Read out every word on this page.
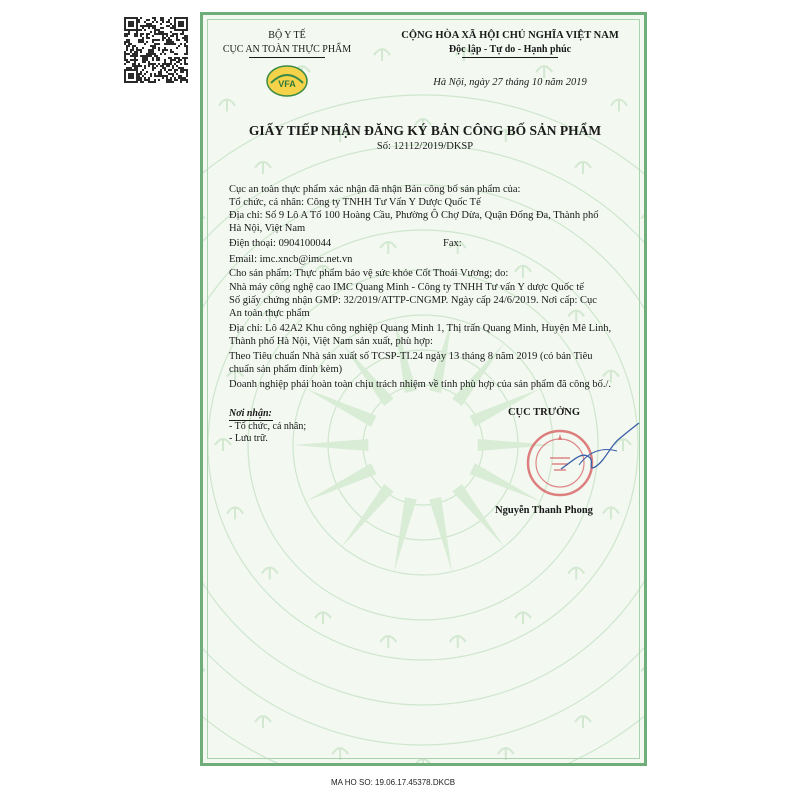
BỘ Y TẾ
CỤC AN TOÀN THỰC PHẨM
VFA
CỘNG HÒA XÃ HỘI CHỦ NGHĨA VIỆT NAM
Độc lập - Tự do - Hạnh phúc
Hà Nội, ngày 27 tháng 10 năm 2019
GIẤY TIẾP NHẬN ĐĂNG KÝ BẢN CÔNG BỐ SẢN PHẨM
Số: 12112/2019/DKSP
Cục an toàn thực phẩm xác nhận đã nhận Bản công bố sản phẩm của:
Tổ chức, cá nhân: Công ty TNHH Tư Vấn Y Dược Quốc Tế
Địa chỉ: Số 9 Lô A Tổ 100 Hoàng Cầu, Phường Ô Chợ Dừa, Quận Đống Đa, Thành phố
Hà Nội, Việt Nam
Điện thoại: 0904100044	Fax:
Email: imc.xncb@imc.net.vn
Cho sản phẩm: Thực phẩm bảo vệ sức khỏe Cốt Thoái Vương; do:
Nhà máy công nghệ cao IMC Quang Minh - Công ty TNHH Tư vấn Y dược Quốc tế
Số giấy chứng nhận GMP: 32/2019/ATTP-CNGMP. Ngày cấp 24/6/2019. Nơi cấp: Cục
An toàn thực phẩm
Địa chỉ: Lô 42A2 Khu công nghiệp Quang Minh 1, Thị trấn Quang Minh, Huyện Mê Linh,
Thành phố Hà Nội, Việt Nam sản xuất, phù hợp:
Theo Tiêu chuẩn Nhà sản xuất số TCSP-TI.24 ngày 13 tháng 8 năm 2019 (có bản Tiêu
chuẩn sản phẩm đính kèm)
Doanh nghiệp phải hoàn toàn chịu trách nhiệm về tính phù hợp của sản phẩm đã công bố./.
Nơi nhận:
- Tổ chức, cá nhân;
- Lưu trữ.
CỤC TRƯỞNG
Nguyễn Thanh Phong
MA HO SO: 19.06.17.45378.DKCB
